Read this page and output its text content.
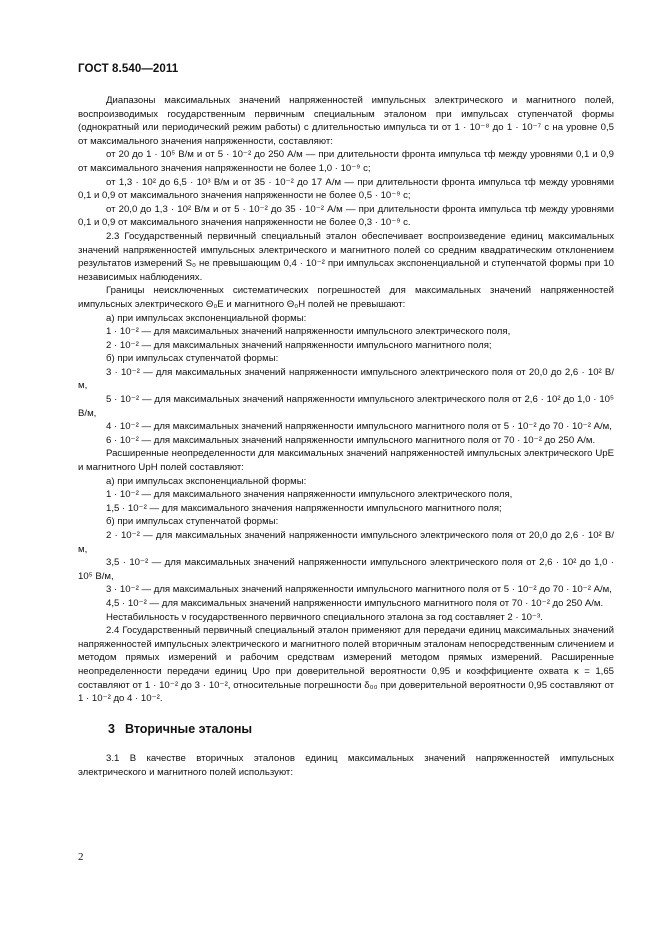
ГОСТ 8.540—2011

Диапазоны максимальных значений напряженностей импульсных электрического и магнитного полей, воспроизводимых государственным первичным специальным эталоном при импульсах ступенчатой формы (однократный или периодический режим работы) с длительностью импульса τи от 1 · 10⁻⁸ до 1 · 10⁻⁷ с на уровне 0,5 от максимального значения напряженности, составляют:

от 20 до 1 · 10⁵ В/м и от 5 · 10⁻² до 250 А/м — при длительности фронта импульса τф между уровнями 0,1 и 0,9 от максимального значения напряженности не более 1,0 · 10⁻⁹ с;

от 1,3 · 10² до 6,5 · 10³ В/м и от 35 · 10⁻² до 17 А/м — при длительности фронта импульса τф между уровнями 0,1 и 0,9 от максимального значения напряженности не более 0,5 · 10⁻⁹ с;

от 20,0 до 1,3 · 10² В/м и от 5 · 10⁻² до 35 · 10⁻² А/м — при длительности фронта импульса τф между уровнями 0,1 и 0,9 от максимального значения напряженности не более 0,3 · 10⁻⁹ с.

2.3 Государственный первичный специальный эталон обеспечивает воспроизведение единиц максимальных значений напряженностей импульсных электрического и магнитного полей со средним квадратическим отклонением результатов измерений S₀ не превышающим 0,4 · 10⁻² при импульсах экспоненциальной и ступенчатой формы при 10 независимых наблюдениях.

Границы неисключенных систематических погрешностей для максимальных значений напряженностей импульсных электрического Θ₀Е и магнитного Θ₀Н полей не превышают:

а) при импульсах экспоненциальной формы:

1 · 10⁻² — для максимальных значений напряженности импульсного электрического поля,

2 · 10⁻² — для максимальных значений напряженности импульсного магнитного поля;

б) при импульсах ступенчатой формы:

3 · 10⁻² — для максимальных значений напряженности импульсного электрического поля от 20,0 до 2,6 · 10² В/м,

5 · 10⁻² — для максимальных значений напряженности импульсного электрического поля от 2,6 · 10² до 1,0 · 10⁵ В/м,

4 · 10⁻² — для максимальных значений напряженности импульсного магнитного поля от 5 · 10⁻² до 70 · 10⁻² А/м,

6 · 10⁻² — для максимальных значений напряженности импульсного магнитного поля от 70 · 10⁻² до 250 А/м.

Расширенные неопределенности для максимальных значений напряженностей импульсных электрического UрЕ и магнитного UрН полей составляют:

а) при импульсах экспоненциальной формы:

1 · 10⁻² — для максимального значения напряженности импульсного электрического поля,

1,5 · 10⁻² — для максимального значения напряженности импульсного магнитного поля;

б) при импульсах ступенчатой формы:

2 · 10⁻² — для максимальных значений напряженности импульсного электрического поля от 20,0 до 2,6 · 10² В/м,

3,5 · 10⁻² — для максимальных значений напряженности импульсного электрического поля от 2,6 · 10² до 1,0 · 10⁵ В/м,

3 · 10⁻² — для максимальных значений напряженности импульсного магнитного поля от 5 · 10⁻² до 70 · 10⁻² А/м,

4,5 · 10⁻² — для максимальных значений напряженности импульсного магнитного поля от 70 · 10⁻² до 250 А/м.

Нестабильность ν государственного первичного специального эталона за год составляет 2 · 10⁻³.

2.4 Государственный первичный специальный эталон применяют для передачи единиц максимальных значений напряженностей импульсных электрического и магнитного полей вторичным эталонам непосредственным сличением и методом прямых измерений и рабочим средствам измерений методом прямых измерений. Расширенные неопределенности передачи единиц Uро при доверительной вероятности 0,95 и коэффициенте охвата κ = 1,65 составляют от 1 · 10⁻² до 3 · 10⁻², относительные погрешности δ₀₀ при доверительной вероятности 0,95 составляют от 1 · 10⁻² до 4 · 10⁻².

3 Вторичные эталоны

3.1 В качестве вторичных эталонов единиц максимальных значений напряженностей импульсных электрического и магнитного полей используют:

2
